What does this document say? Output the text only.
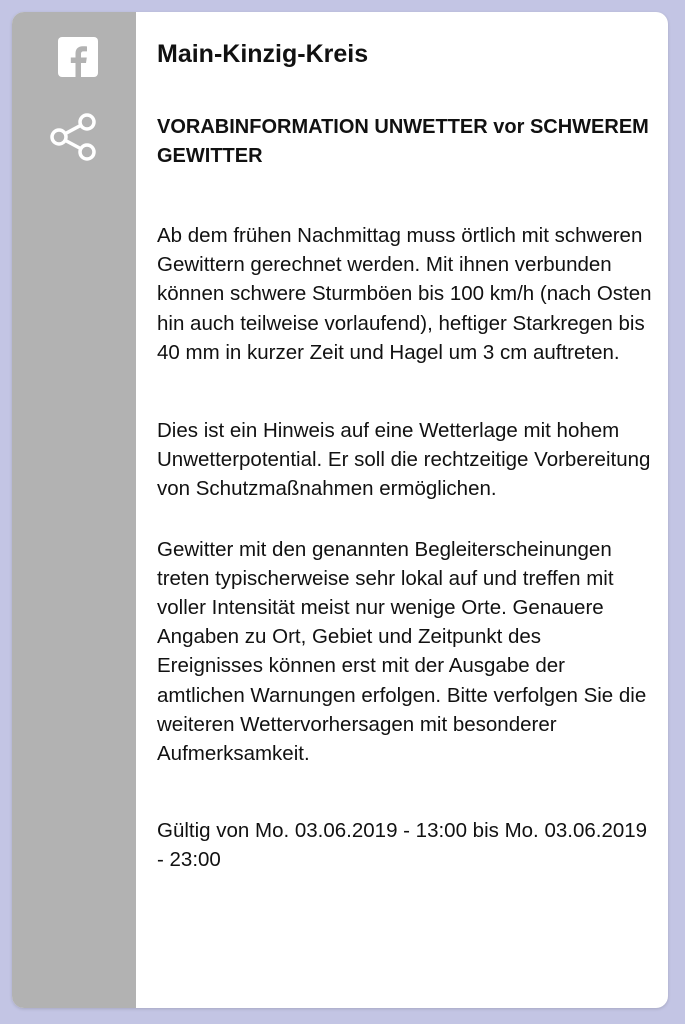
Main-Kinzig-Kreis
VORABINFORMATION UNWETTER vor SCHWEREM GEWITTER

Ab dem frühen Nachmittag muss örtlich mit schweren Gewittern gerechnet werden. Mit ihnen verbunden können schwere Sturmböen bis 100 km/h (nach Osten hin auch teilweise vorlaufend), heftiger Starkregen bis 40 mm in kurzer Zeit und Hagel um 3 cm auftreten.

Dies ist ein Hinweis auf eine Wetterlage mit hohem Unwetterpotential. Er soll die rechtzeitige Vorbereitung von Schutzmaßnahmen ermöglichen.

Gewitter mit den genannten Begleiterscheinungen treten typischerweise sehr lokal auf und treffen mit voller Intensität meist nur wenige Orte. Genauere Angaben zu Ort, Gebiet und Zeitpunkt des Ereignisses können erst mit der Ausgabe der amtlichen Warnungen erfolgen. Bitte verfolgen Sie die weiteren Wettervorhersagen mit besonderer Aufmerksamkeit.

Gültig von Mo. 03.06.2019 - 13:00 bis Mo. 03.06.2019 - 23:00
